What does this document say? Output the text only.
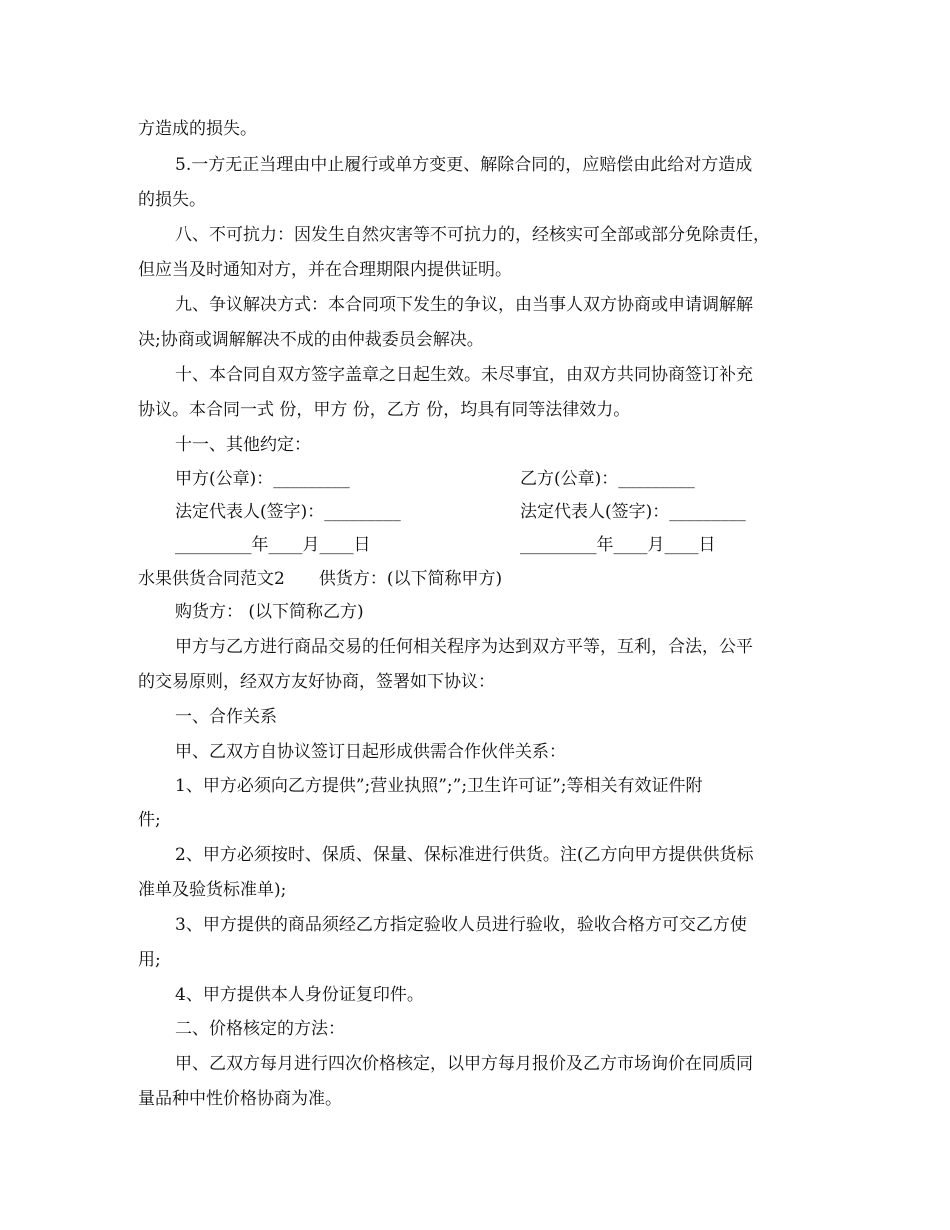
方造成的损失。
5.一方无正当理由中止履行或单方变更、解除合同的，应赔偿由此给对方造成
的损失。
八、不可抗力：因发生自然灾害等不可抗力的，经核实可全部或部分免除责任，
但应当及时通知对方，并在合理期限内提供证明。
九、争议解决方式：本合同项下发生的争议，由当事人双方协商或申请调解解
决;协商或调解解决不成的由仲裁委员会解决。
十、本合同自双方签字盖章之日起生效。未尽事宜，由双方共同协商签订补充
协议。本合同一式 份，甲方 份，乙方 份，均具有同等法律效力。
十一、其他约定：
甲方(公章)：_________	乙方(公章)：_________
法定代表人(签字)：_________	法定代表人(签字)：_________
_________年____月____日	_________年____月____日
水果供货合同范文2　　供货方：(以下简称甲方)
购货方： (以下简称乙方)
甲方与乙方进行商品交易的任何相关程序为达到双方平等，互利，合法，公平
的交易原则，经双方友好协商，签署如下协议：
一、合作关系
甲、乙双方自协议签订日起形成供需合作伙伴关系：
1、甲方必须向乙方提供”;营业执照”;”;卫生许可证”;等相关有效证件附
件;
2、甲方必须按时、保质、保量、保标准进行供货。注(乙方向甲方提供供货标
准单及验货标准单);
3、甲方提供的商品须经乙方指定验收人员进行验收，验收合格方可交乙方使
用;
4、甲方提供本人身份证复印件。
二、价格核定的方法：
甲、乙双方每月进行四次价格核定，以甲方每月报价及乙方市场询价在同质同
量品种中性价格协商为准。
